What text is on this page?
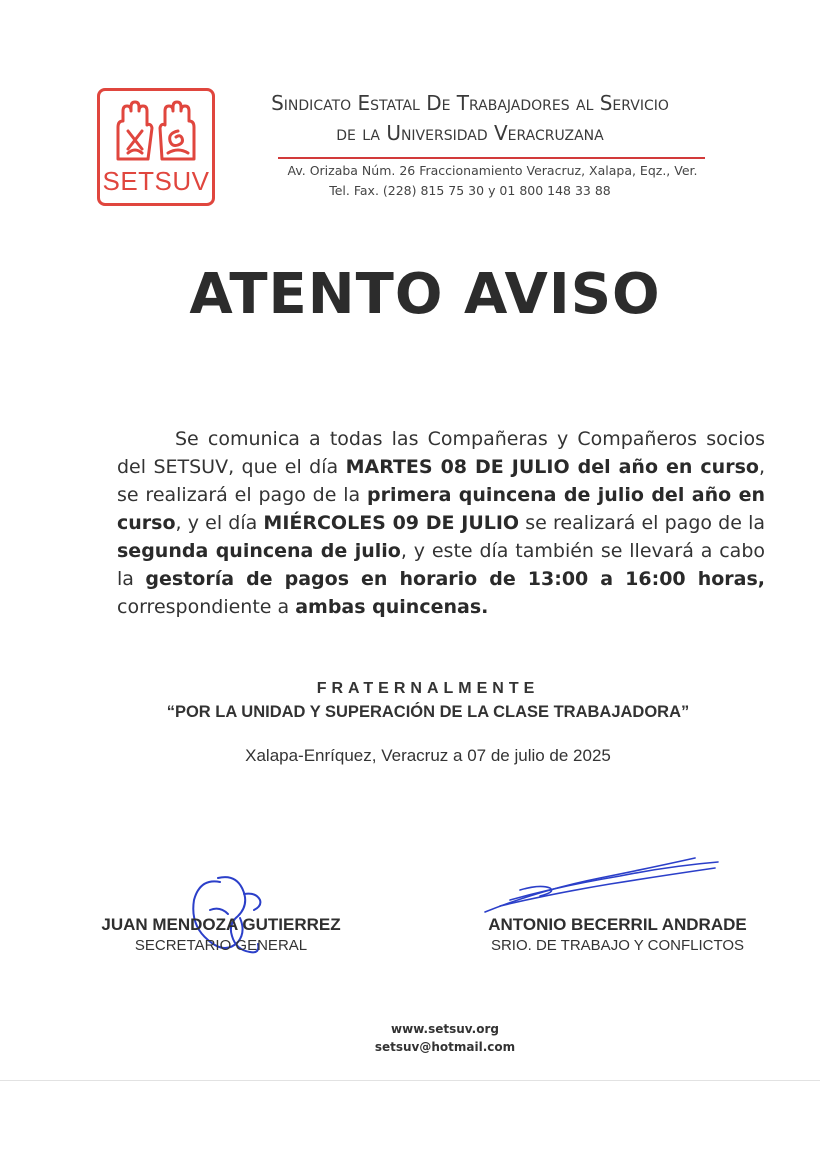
SETSUV
Sindicato Estatal De Trabajadores al Servicio
de la Universidad Veracruzana
Av. Orizaba Núm. 26 Fraccionamiento Veracruz, Xalapa, Eqz., Ver.
Tel. Fax. (228) 815 75 30 y 01 800 148 33 88
ATENTO AVISO
Se comunica a todas las Compañeras y Compañeros socios del SETSUV, que el día MARTES 08 DE JULIO del año en curso, se realizará el pago de la primera quincena de julio del año en curso, y el día MIÉRCOLES 09 DE JULIO se realizará el pago de la segunda quincena de julio, y este día también se llevará a cabo la gestoría de pagos en horario de 13:00 a 16:00 horas, correspondiente a ambas quincenas.
FRATERNALMENTE
“POR LA UNIDAD Y SUPERACIÓN DE LA CLASE TRABAJADORA”
Xalapa-Enríquez, Veracruz a 07 de julio de 2025
JUAN MENDOZA GUTIERREZ
SECRETARIO GENERAL
ANTONIO BECERRIL ANDRADE
SRIO. DE TRABAJO Y CONFLICTOS
www.setsuv.org
setsuv@hotmail.com
